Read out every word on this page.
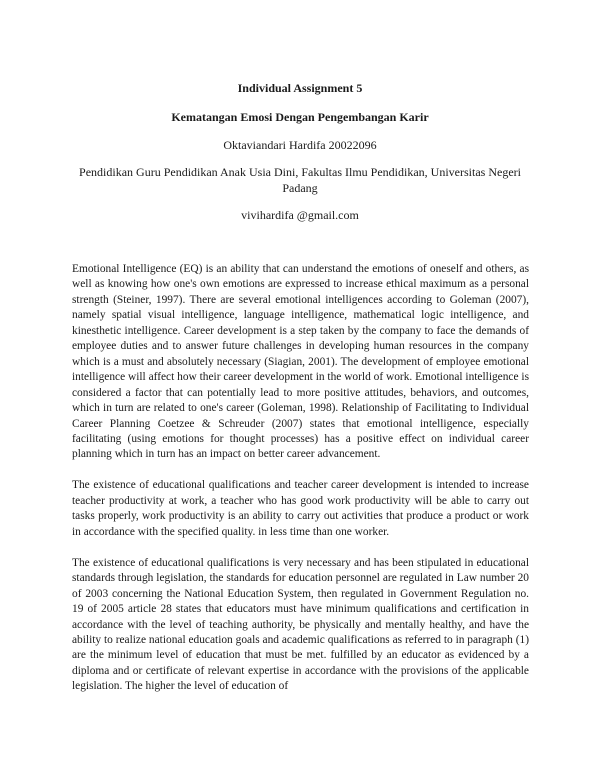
Individual Assignment 5
Kematangan Emosi Dengan Pengembangan Karir
Oktaviandari Hardifa 20022096
Pendidikan Guru Pendidikan Anak Usia Dini, Fakultas Ilmu Pendidikan, Universitas Negeri Padang
vivihardifa @gmail.com

Emotional Intelligence (EQ) is an ability that can understand the emotions of oneself and others, as well as knowing how one's own emotions are expressed to increase ethical maximum as a personal strength (Steiner, 1997). There are several emotional intelligences according to Goleman (2007), namely spatial visual intelligence, language intelligence, mathematical logic intelligence, and kinesthetic intelligence. Career development is a step taken by the company to face the demands of employee duties and to answer future challenges in developing human resources in the company which is a must and absolutely necessary (Siagian, 2001). The development of employee emotional intelligence will affect how their career development in the world of work. Emotional intelligence is considered a factor that can potentially lead to more positive attitudes, behaviors, and outcomes, which in turn are related to one's career (Goleman, 1998). Relationship of Facilitating to Individual Career Planning Coetzee & Schreuder (2007) states that emotional intelligence, especially facilitating (using emotions for thought processes) has a positive effect on individual career planning which in turn has an impact on better career advancement.

The existence of educational qualifications and teacher career development is intended to increase teacher productivity at work, a teacher who has good work productivity will be able to carry out tasks properly, work productivity is an ability to carry out activities that produce a product or work in accordance with the specified quality. in less time than one worker.

The existence of educational qualifications is very necessary and has been stipulated in educational standards through legislation, the standards for education personnel are regulated in Law number 20 of 2003 concerning the National Education System, then regulated in Government Regulation no. 19 of 2005 article 28 states that educators must have minimum qualifications and certification in accordance with the level of teaching authority, be physically and mentally healthy, and have the ability to realize national education goals and academic qualifications as referred to in paragraph (1) are the minimum level of education that must be met. fulfilled by an educator as evidenced by a diploma and or certificate of relevant expertise in accordance with the provisions of the applicable legislation. The higher the level of education of
